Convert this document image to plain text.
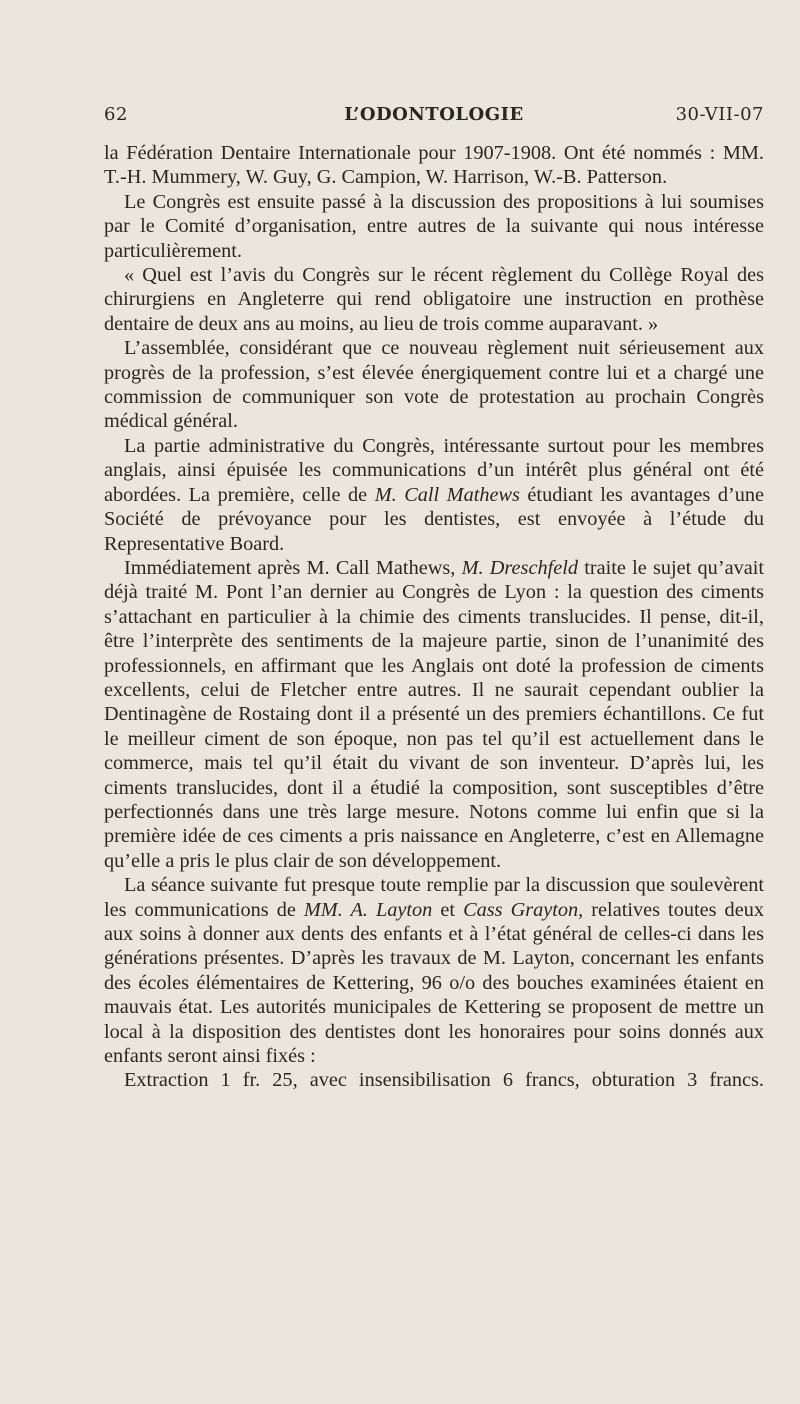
62	L’ODONTOLOGIE	30-VII-07

la Fédération Dentaire Internationale pour 1907-1908. Ont été nommés : MM. T.-H. Mummery, W. Guy, G. Campion, W. Harrison, W.-B. Patterson.

Le Congrès est ensuite passé à la discussion des propositions à lui soumises par le Comité d’organisation, entre autres de la suivante qui nous intéresse particulièrement.

« Quel est l’avis du Congrès sur le récent règlement du Collège Royal des chirurgiens en Angleterre qui rend obligatoire une instruction en prothèse dentaire de deux ans au moins, au lieu de trois comme auparavant. »

L’assemblée, considérant que ce nouveau règlement nuit sérieusement aux progrès de la profession, s’est élevée énergiquement contre lui et a chargé une commission de communiquer son vote de protestation au prochain Congrès médical général.

La partie administrative du Congrès, intéressante surtout pour les membres anglais, ainsi épuisée les communications d’un intérêt plus général ont été abordées. La première, celle de M. Call Mathews étudiant les avantages d’une Société de prévoyance pour les dentistes, est envoyée à l’étude du Representative Board.

Immédiatement après M. Call Mathews, M. Dreschfeld traite le sujet qu’avait déjà traité M. Pont l’an dernier au Congrès de Lyon : la question des ciments s’attachant en particulier à la chimie des ciments translucides. Il pense, dit-il, être l’interprète des sentiments de la majeure partie, sinon de l’unanimité des professionnels, en affirmant que les Anglais ont doté la profession de ciments excellents, celui de Fletcher entre autres. Il ne saurait cependant oublier la Dentinagène de Rostaing dont il a présenté un des premiers échantillons. Ce fut le meilleur ciment de son époque, non pas tel qu’il est actuellement dans le commerce, mais tel qu’il était du vivant de son inventeur. D’après lui, les ciments translucides, dont il a étudié la composition, sont susceptibles d’être perfectionnés dans une très large mesure. Notons comme lui enfin que si la première idée de ces ciments a pris naissance en Angleterre, c’est en Allemagne qu’elle a pris le plus clair de son développement.

La séance suivante fut presque toute remplie par la discussion que soulevèrent les communications de MM. A. Layton et Cass Grayton, relatives toutes deux aux soins à donner aux dents des enfants et à l’état général de celles-ci dans les générations présentes. D’après les travaux de M. Layton, concernant les enfants des écoles élémentaires de Kettering, 96 o/o des bouches examinées étaient en mauvais état. Les autorités municipales de Kettering se proposent de mettre un local à la disposition des dentistes dont les honoraires pour soins donnés aux enfants seront ainsi fixés :

Extraction 1 fr. 25, avec insensibilisation 6 francs, obturation 3 francs.
